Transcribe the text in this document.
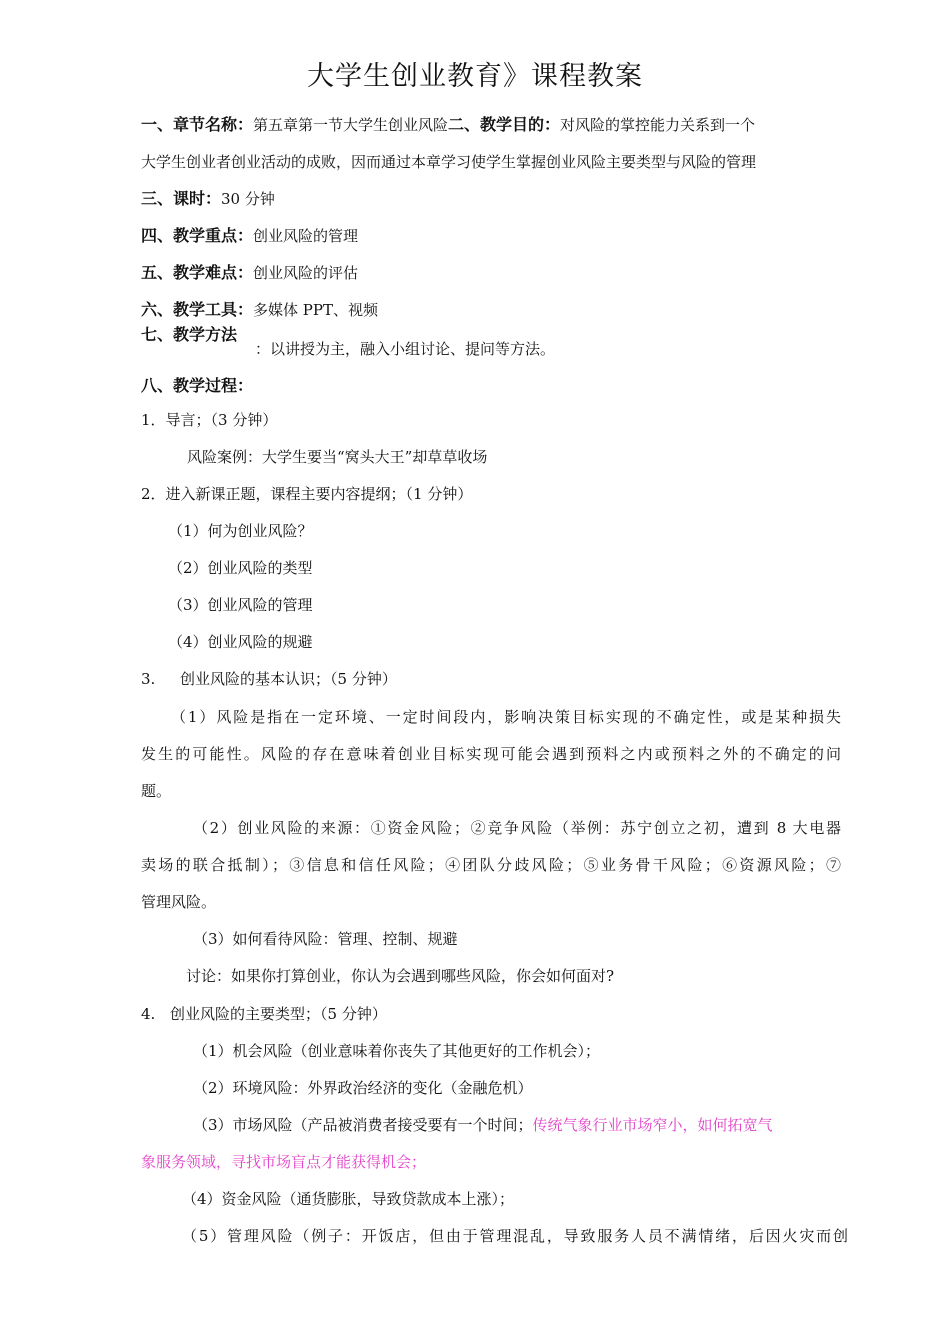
大学生创业教育》课程教案
一、章节名称：第五章第一节大学生创业风险二、教学目的：对风险的掌控能力关系到一个
大学生创业者创业活动的成败，因而通过本章学习使学生掌握创业风险主要类型与风险的管理
三、课时：30 分钟
四、教学重点：创业风险的管理
五、教学难点：创业风险的评估
六、教学工具：多媒体 PPT、视频
七、教学方法
：以讲授为主，融入小组讨论、提问等方法。
八、教学过程：
1．导言；（3 分钟）
风险案例：大学生要当“窝头大王”却草草收场
2．进入新课正题，课程主要内容提纲；（1 分钟）
（1）何为创业风险？
（2）创业风险的类型
（3）创业风险的管理
（4）创业风险的规避
3.	创业风险的基本认识；（5 分钟）
（1）风险是指在一定环境、一定时间段内，影响决策目标实现的不确定性，或是某种损失
发生的可能性。风险的存在意味着创业目标实现可能会遇到预料之内或预料之外的不确定的问
题。
（2）创业风险的来源：①资金风险；②竞争风险（举例：苏宁创立之初，遭到 8 大电器
卖场的联合抵制）；③信息和信任风险；④团队分歧风险；⑤业务骨干风险；⑥资源风险；⑦
管理风险。
（3）如何看待风险：管理、控制、规避
讨论：如果你打算创业，你认为会遇到哪些风险，你会如何面对?
4. 创业风险的主要类型；（5 分钟）
（1）机会风险（创业意味着你丧失了其他更好的工作机会）；
（2）环境风险：外界政治经济的变化（金融危机）
（3）市场风险（产品被消费者接受要有一个时间；传统气象行业市场窄小，如何拓宽气
象服务领域，寻找市场盲点才能获得机会；
（4）资金风险（通货膨胀，导致贷款成本上涨）；
（5）管理风险（例子：开饭店，但由于管理混乱，导致服务人员不满情绪，后因火灾而创
